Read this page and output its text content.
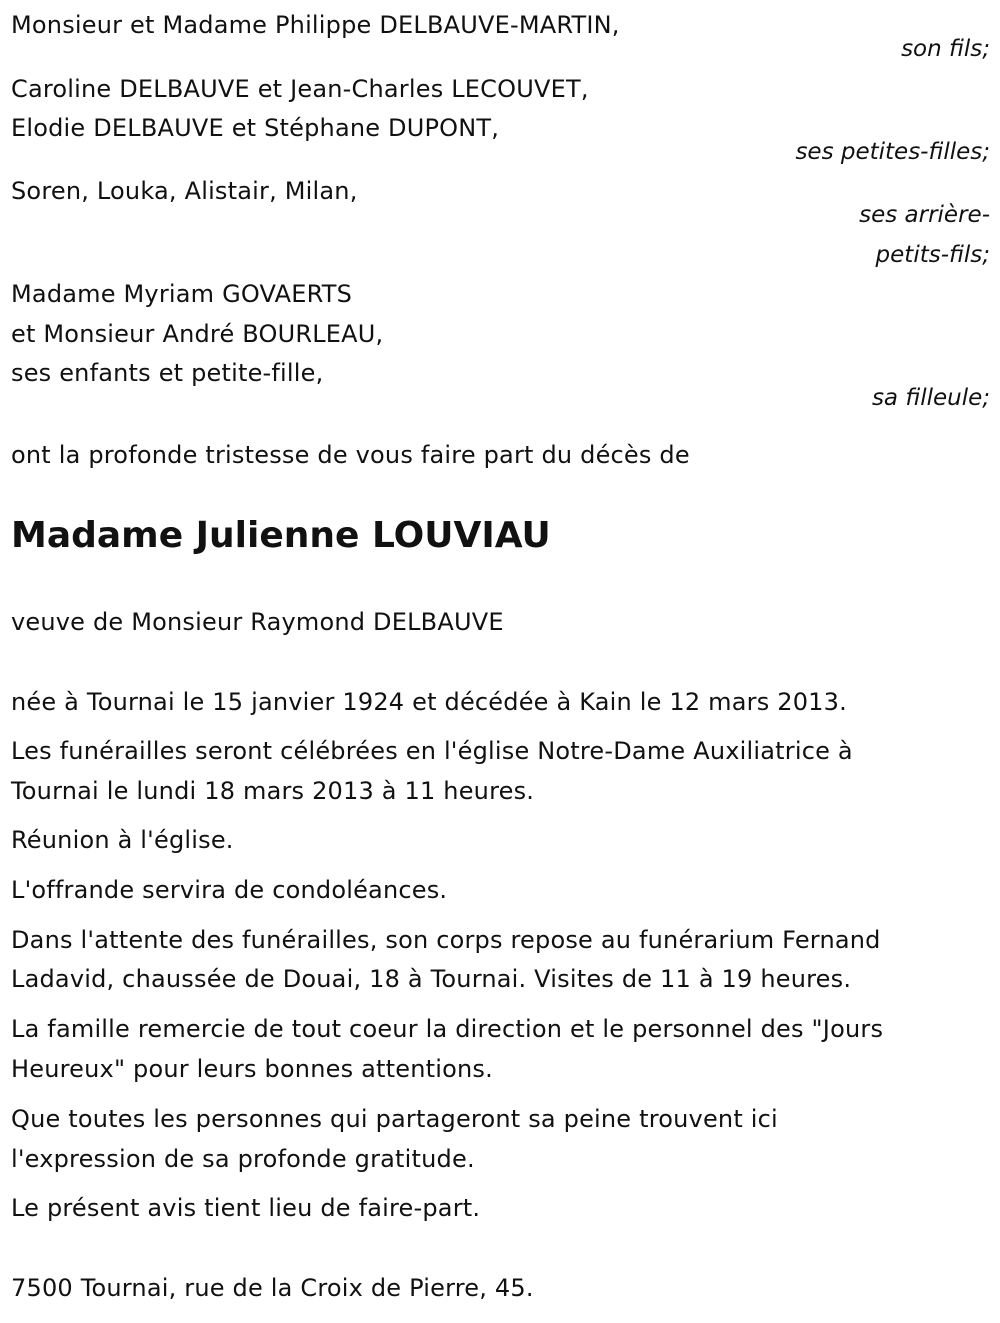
Monsieur et Madame Philippe DELBAUVE-MARTIN,
son fils;
Caroline DELBAUVE et Jean-Charles LECOUVET,
Elodie DELBAUVE et Stéphane DUPONT,
ses petites-filles;
Soren, Louka, Alistair, Milan,
ses arrière-
petits-fils;
Madame Myriam GOVAERTS
et Monsieur André BOURLEAU,
ses enfants et petite-fille,
sa filleule;
ont la profonde tristesse de vous faire part du décès de
Madame Julienne LOUVIAU
veuve de Monsieur Raymond DELBAUVE
née à Tournai le 15 janvier 1924 et décédée à Kain le 12 mars 2013.
Les funérailles seront célébrées en l'église Notre-Dame Auxiliatrice à
Tournai le lundi 18 mars 2013 à 11 heures.
Réunion à l'église.
L'offrande servira de condoléances.
Dans l'attente des funérailles, son corps repose au funérarium Fernand
Ladavid, chaussée de Douai, 18 à Tournai. Visites de 11 à 19 heures.
La famille remercie de tout coeur la direction et le personnel des "Jours
Heureux" pour leurs bonnes attentions.
Que toutes les personnes qui partageront sa peine trouvent ici
l'expression de sa profonde gratitude.
Le présent avis tient lieu de faire-part.
7500 Tournai, rue de la Croix de Pierre, 45.
